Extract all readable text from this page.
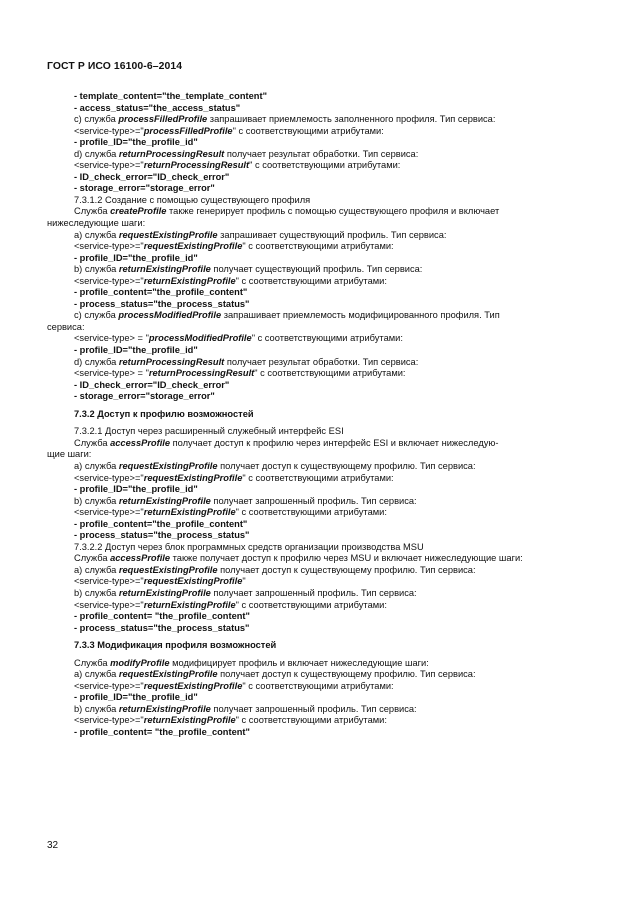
ГОСТ Р ИСО 16100-6–2014
- template_content="the_template_content"
- access_status="the_access_status"
c) служба processFilledProfile запрашивает приемлемость заполненного профиля. Тип сервиса:
<service-type>="processFilledProfile" с соответствующими атрибутами:
- profile_ID="the_profile_id"
d) служба returnProcessingResult получает результат обработки. Тип сервиса:
<service-type>="returnProcessingResult" с соответствующими атрибутами:
- ID_check_error="ID_check_error"
- storage_error="storage_error"
7.3.1.2 Создание с помощью существующего профиля
Служба createProfile также генерирует профиль с помощью существующего профиля и включает
нижеследующие шаги:
а) служба requestExistingProfile запрашивает существующий профиль. Тип сервиса:
<service-type>="requestExistingProfile" с соответствующими атрибутами:
- profile_ID="the_profile_id"
b) служба returnExistingProfile получает существующий профиль. Тип сервиса:
<service-type>="returnExistingProfile" с соответствующими атрибутами:
- profile_content="the_profile_content"
- process_status="the_process_status"
c) служба processModifiedProfile запрашивает приемлемость модифицированного профиля. Тип
сервиса:
<service-type> = "processModifiedProfile" с соответствующими атрибутами:
- profile_ID="the_profile_id"
d) служба returnProcessingResult получает результат обработки. Тип сервиса:
<service-type> = "returnProcessingResult" с соответствующими атрибутами:
- ID_check_error="ID_check_error"
- storage_error="storage_error"
7.3.2 Доступ к профилю возможностей
7.3.2.1 Доступ через расширенный служебный интерфейс ESI
Служба accessProfile получает доступ к профилю через интерфейс ESI и включает нижеследую-
щие шаги:
а) служба requestExistingProfile получает доступ к существующему профилю. Тип сервиса:
<service-type>="requestExistingProfile" с соответствующими атрибутами:
- profile_ID="the_profile_id"
b) служба returnExistingProfile получает запрошенный профиль. Тип сервиса:
<service-type>="returnExistingProfile" с соответствующими атрибутами:
- profile_content="the_profile_content"
- process_status="the_process_status"
7.3.2.2 Доступ через блок программных средств организации производства MSU
Служба accessProfile также получает доступ к профилю через MSU и включает нижеследующие шаги:
а) служба requestExistingProfile получает доступ к существующему профилю. Тип сервиса:
<service-type>="requestExistingProfile"
b) служба returnExistingProfile получает запрошенный профиль. Тип сервиса:
<service-type>="returnExistingProfile" с соответствующими атрибутами:
- profile_content= "the_profile_content"
- process_status="the_process_status"
7.3.3 Модификация профиля возможностей
Служба modifyProfile модифицирует профиль и включает нижеследующие шаги:
а) служба requestExistingProfile получает доступ к существующему профилю. Тип сервиса:
<service-type>="requestExistingProfile" с соответствующими атрибутами:
- profile_ID="the_profile_id"
b) служба returnExistingProfile получает запрошенный профиль. Тип сервиса:
<service-type>="returnExistingProfile" с соответствующими атрибутами:
- profile_content= "the_profile_content"
32
